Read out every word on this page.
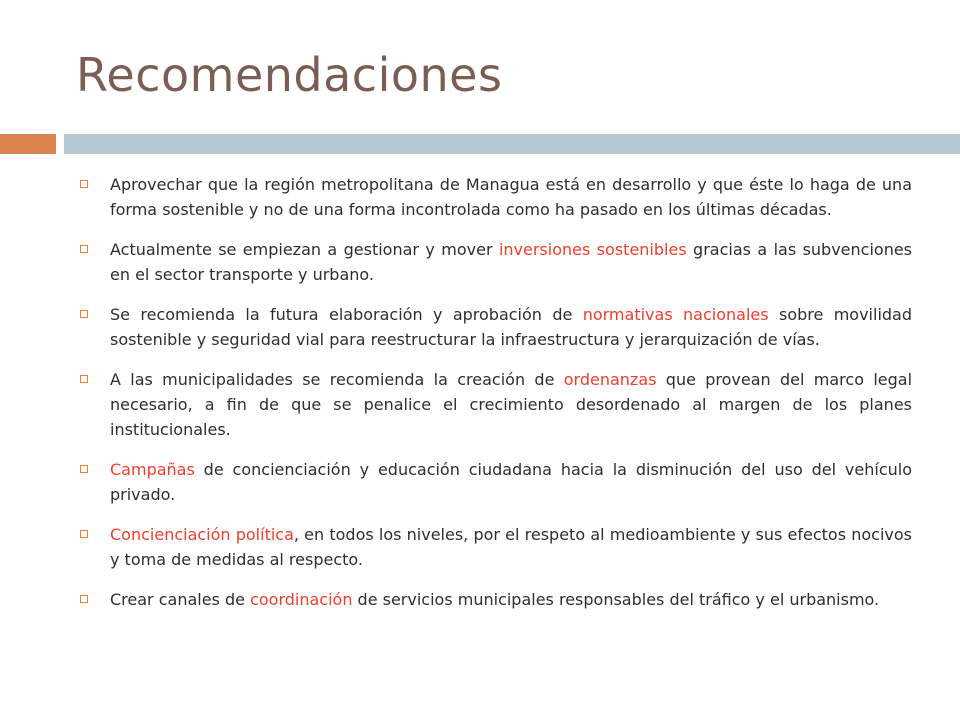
Recomendaciones
Aprovechar que la región metropolitana de Managua está en desarrollo y que éste lo haga de una forma sostenible y no de una forma incontrolada como ha pasado en los últimas décadas.
Actualmente se empiezan a gestionar y mover inversiones sostenibles gracias a las subvenciones en el sector transporte y urbano.
Se recomienda la futura elaboración y aprobación de normativas nacionales sobre movilidad sostenible y seguridad vial para reestructurar la infraestructura y jerarquización de vías.
A las municipalidades se recomienda la creación de ordenanzas que provean del marco legal necesario, a fin de que se penalice el crecimiento desordenado al margen de los planes institucionales.
Campañas de concienciación y educación ciudadana hacia la disminución del uso del vehículo privado.
Concienciación política, en todos los niveles, por el respeto al medioambiente y sus efectos nocivos y toma de medidas al respecto.
Crear canales de coordinación de servicios municipales responsables del tráfico y el urbanismo.
